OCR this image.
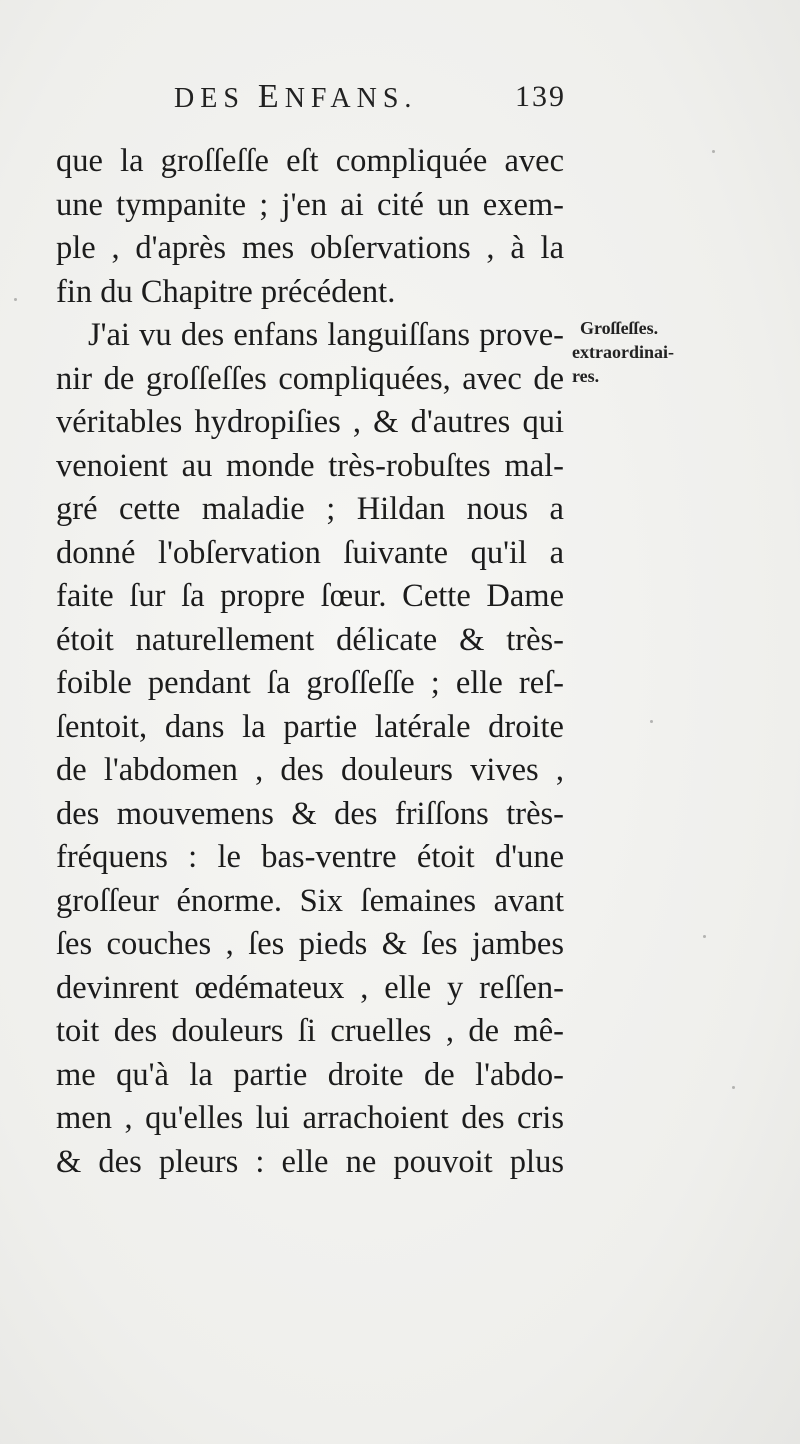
DES ENFANS.	139
que la groſſeſſe eſt compliquée avec
une tympanite ; j'en ai cité un exem-
ple , d'après mes obſervations , à la
fin du Chapitre précédent.
J'ai vu des enfans languiſſans prove-
nir de groſſeſſes compliquées, avec de
véritables hydropiſies , & d'autres qui
venoient au monde très-robuſtes mal-
gré cette maladie ; Hildan nous a
donné l'obſervation ſuivante qu'il a
faite ſur ſa propre ſœur. Cette Dame
étoit naturellement délicate & très-
foible pendant ſa groſſeſſe ; elle reſ-
ſentoit, dans la partie latérale droite
de l'abdomen , des douleurs vives ,
des mouvemens & des friſſons très-
fréquens : le bas-ventre étoit d'une
groſſeur énorme. Six ſemaines avant
ſes couches , ſes pieds & ſes jambes
devinrent œdémateux , elle y reſſen-
toit des douleurs ſi cruelles , de mê-
me qu'à la partie droite de l'abdo-
men , qu'elles lui arrachoient des cris
& des pleurs : elle ne pouvoit plus
Groſſeſſes.
extraordinai-
res.
